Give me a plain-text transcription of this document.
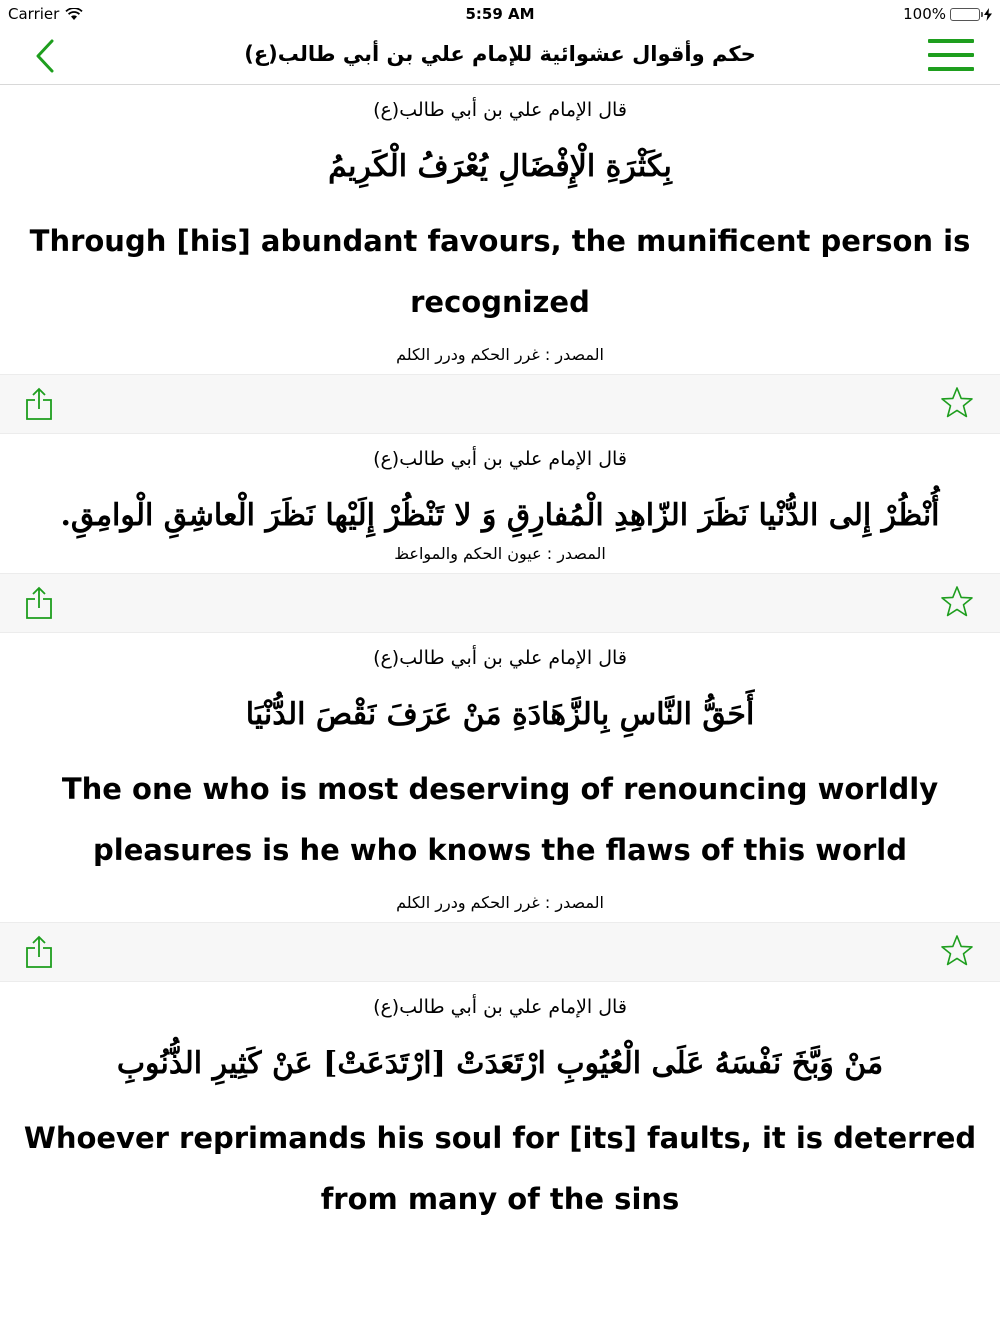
Carrier	5:59 AM	100%
حكم وأقوال عشوائية للإمام علي بن أبي طالب(ع)
قال الإمام علي بن أبي طالب(ع)
بِكَثْرَةِ الْإِفْضَالِ يُعْرَفُ الْكَرِيمُ
Through [his] abundant favours, the munificent person is recognized
المصدر : غرر الحكم ودرر الكلم
قال الإمام علي بن أبي طالب(ع)
أُنْظُرْ إِلى الدُّنْيا نَظَرَ الزّاهِدِ الْمُفارِقِ وَ لا تَنْظُرْ إِلَيْها نَظَرَ الْعاشِقِ الْوامِقِ.
المصدر : عيون الحكم والمواعظ
قال الإمام علي بن أبي طالب(ع)
أَحَقُّ النَّاسِ بِالزَّهَادَةِ مَنْ عَرَفَ نَقْصَ الدُّنْيَا
The one who is most deserving of renouncing worldly pleasures is he who knows the flaws of this world
المصدر : غرر الحكم ودرر الكلم
قال الإمام علي بن أبي طالب(ع)
مَنْ وَبَّخَ نَفْسَهُ عَلَى الْعُيُوبِ ارْتَعَدَتْ [ارْتَدَعَتْ] عَنْ كَثِيرِ الذُّنُوبِ
Whoever reprimands his soul for [its] faults, it is deterred from many of the sins
